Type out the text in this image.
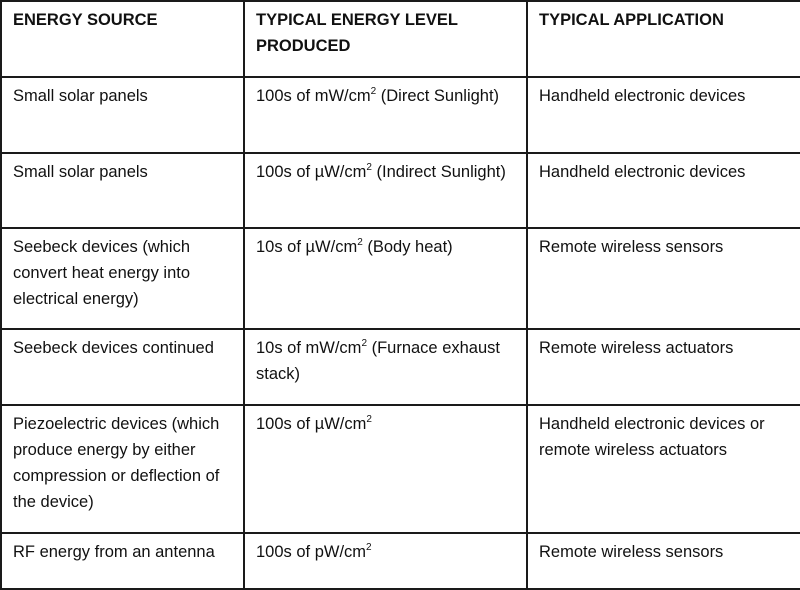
ENERGY SOURCE	TYPICAL ENERGY LEVEL PRODUCED	TYPICAL APPLICATION
Small solar panels	100s of $mW/cm^2$ (Direct Sunlight)	Handheld electronic devices
Small solar panels	100s of $\mu W/cm^2$ (Indirect Sunlight)	Handheld electronic devices
Seebeck devices (which convert heat energy into electrical energy)	10s of $\mu W/cm^2$ (Body heat)	Remote wireless sensors
Seebeck devices continued	10s of $mW/cm^2$ (Furnace exhaust stack)	Remote wireless actuators
Piezoelectric devices (which produce energy by either compression or deflection of the device)	100s of $\mu W/cm^2$	Handheld electronic devices or remote wireless actuators
RF energy from an antenna	100s of $pW/cm^2$	Remote wireless sensors
